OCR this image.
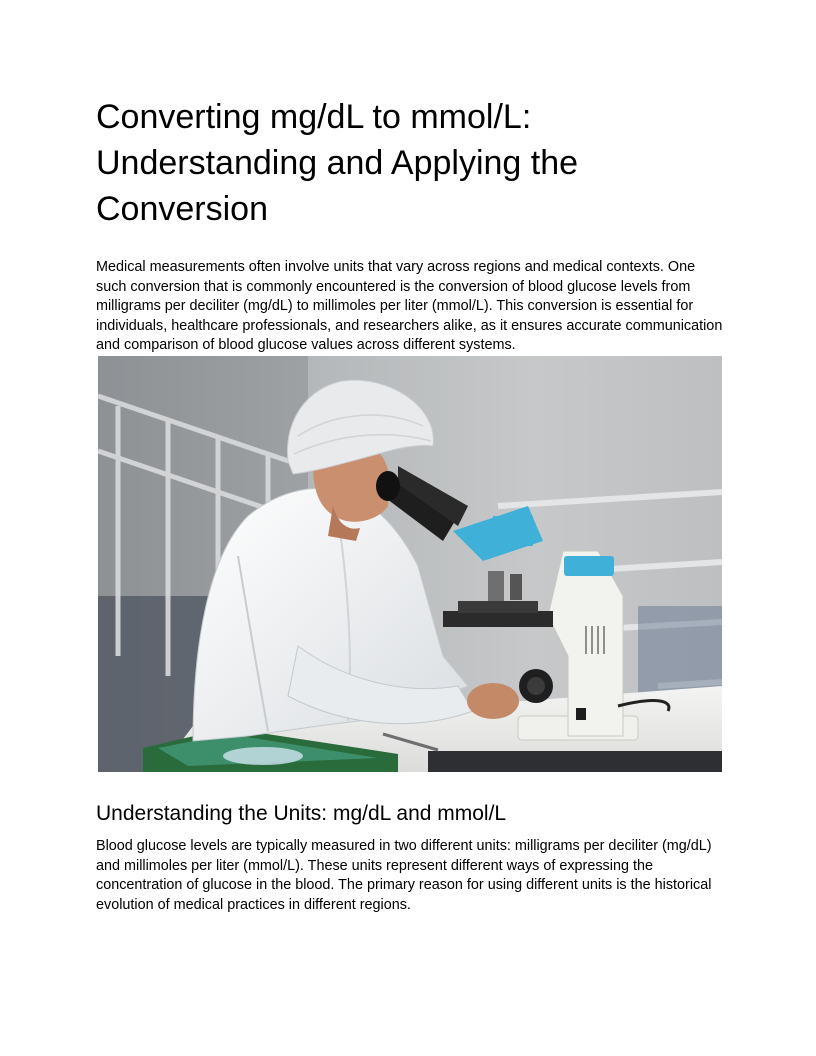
Converting mg/dL to mmol/L: Understanding and Applying the Conversion

Medical measurements often involve units that vary across regions and medical contexts. One such conversion that is commonly encountered is the conversion of blood glucose levels from milligrams per deciliter (mg/dL) to millimoles per liter (mmol/L). This conversion is essential for individuals, healthcare professionals, and researchers alike, as it ensures accurate communication and comparison of blood glucose values across different systems.

Understanding the Units: mg/dL and mmol/L

Blood glucose levels are typically measured in two different units: milligrams per deciliter (mg/dL) and millimoles per liter (mmol/L). These units represent different ways of expressing the concentration of glucose in the blood. The primary reason for using different units is the historical evolution of medical practices in different regions.
